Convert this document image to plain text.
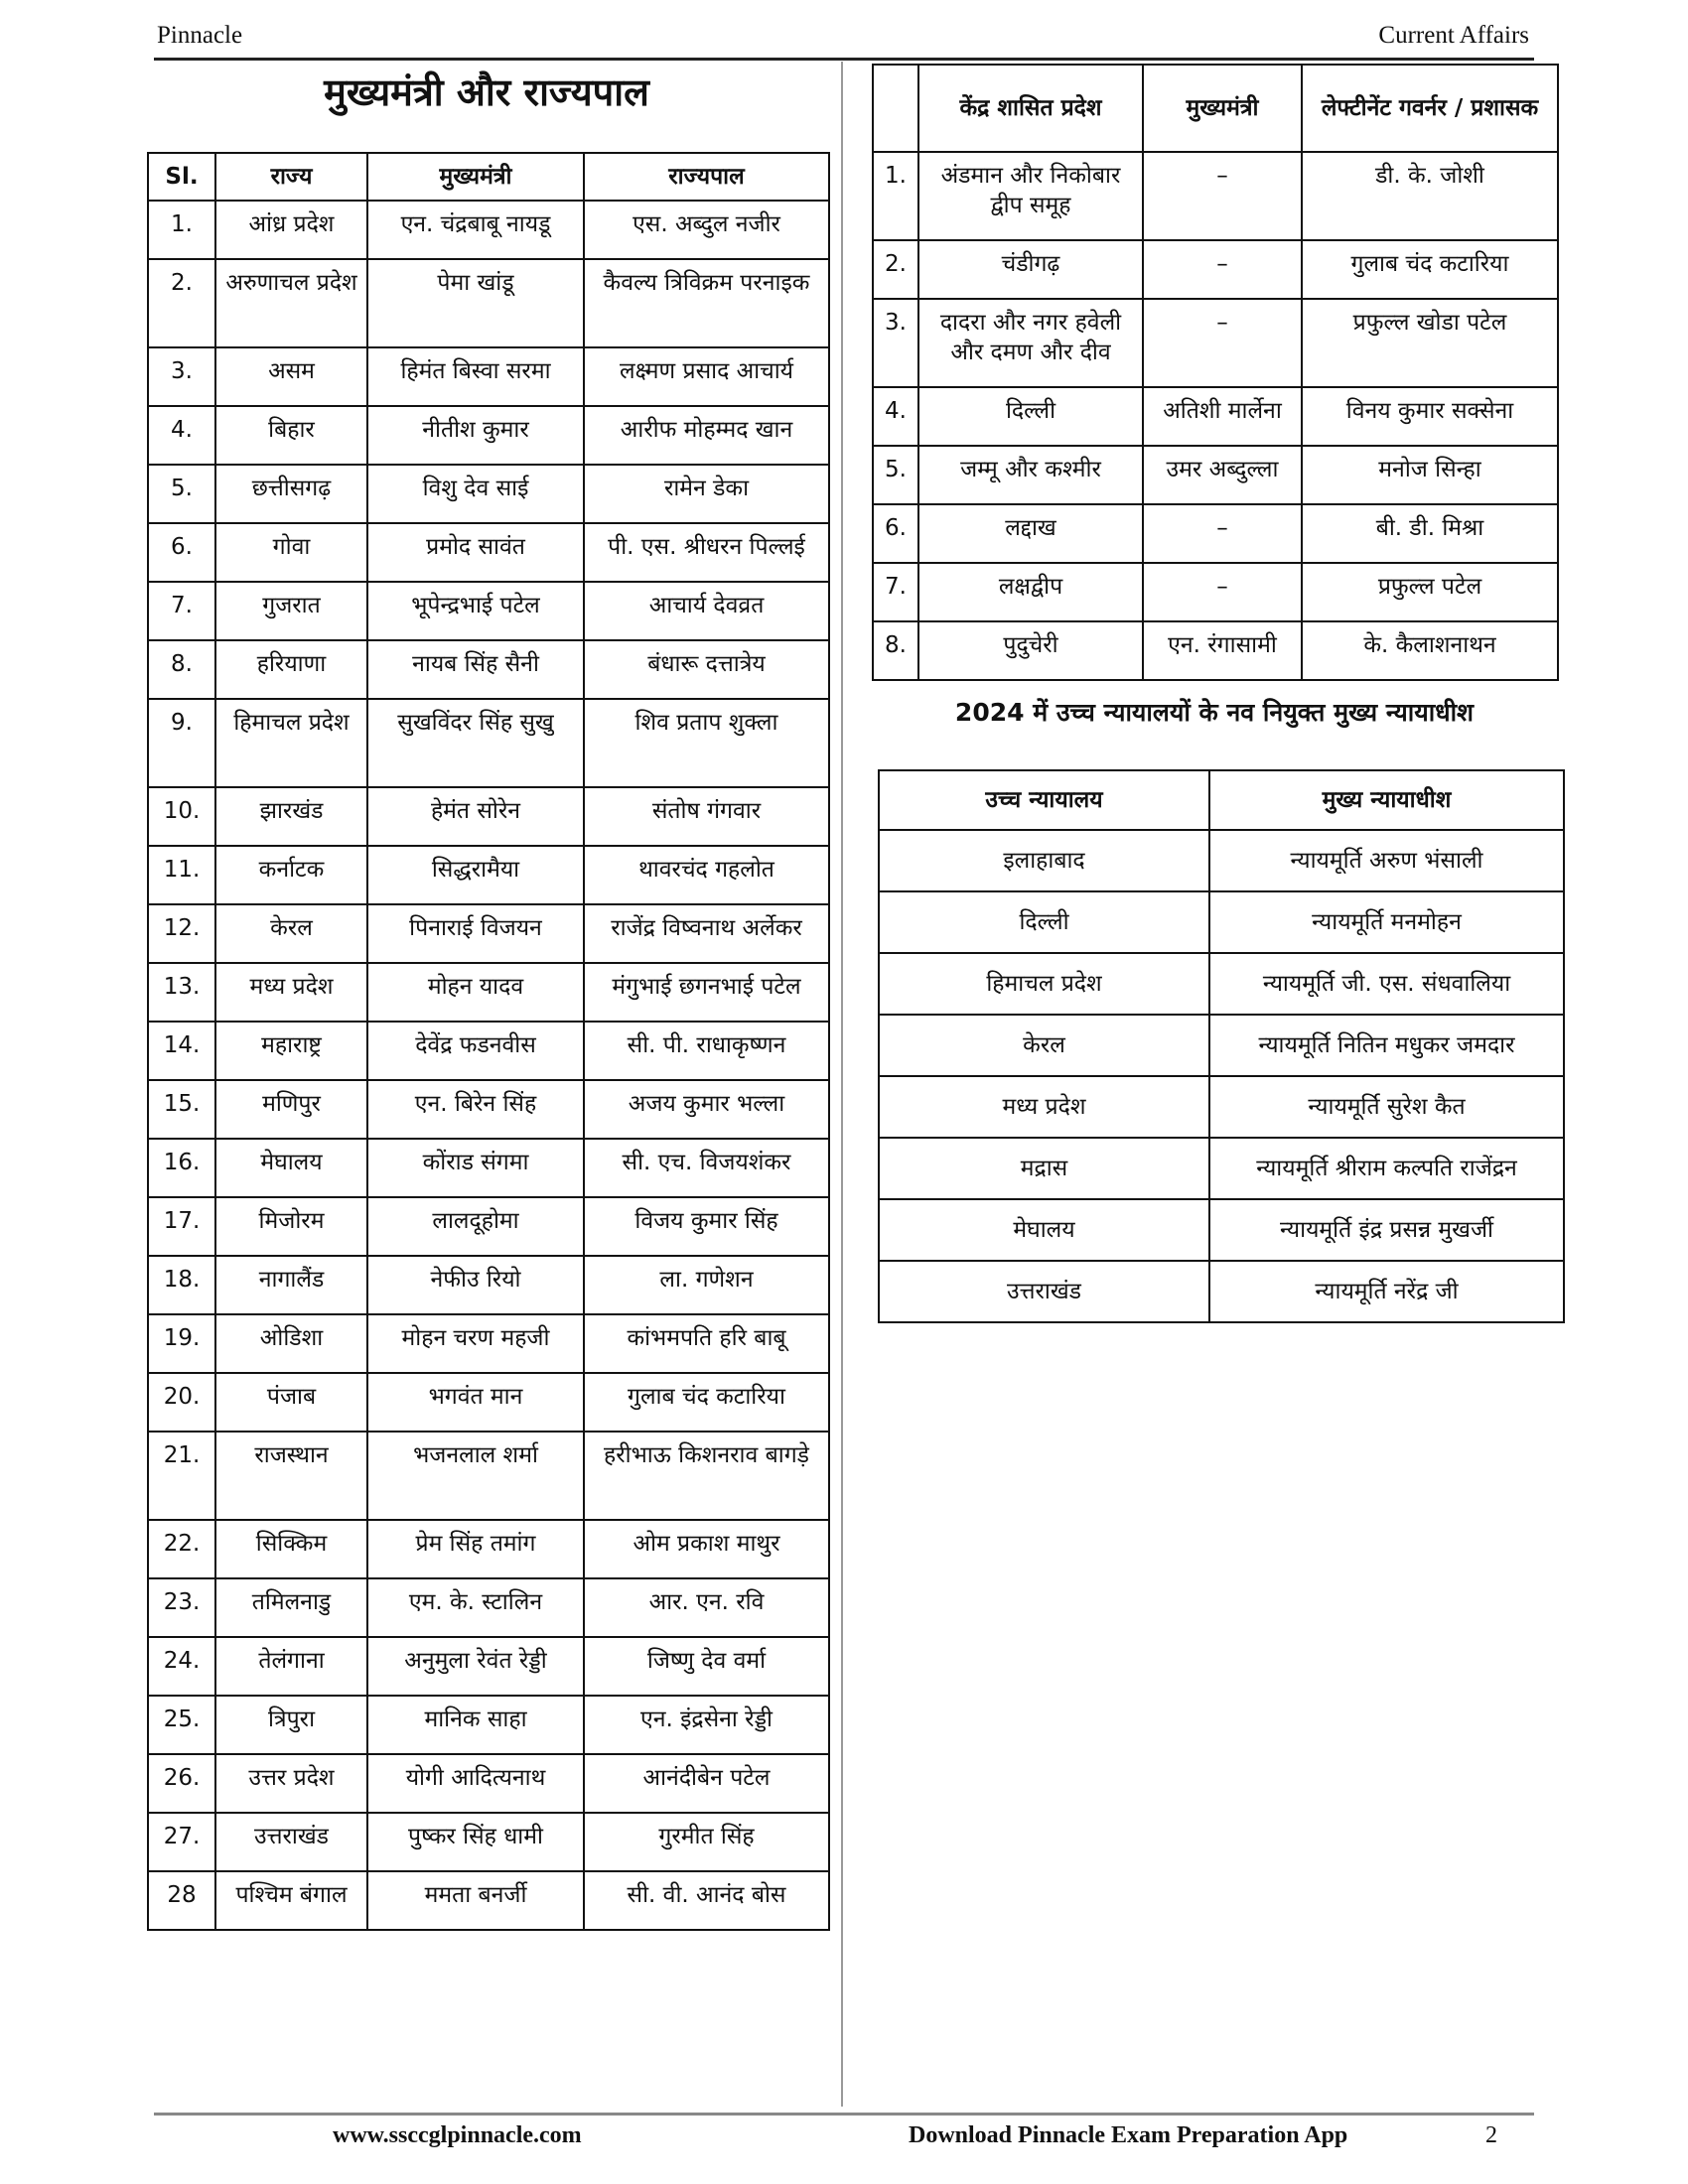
Pinnacle	Current Affairs
मुख्यमंत्री और राज्यपाल
Sl.	राज्य	मुख्यमंत्री	राज्यपाल
1.	आंध्र प्रदेश	एन. चंद्रबाबू नायडू	एस. अब्दुल नजीर
2.	अरुणाचल प्रदेश	पेमा खांडू	कैवल्य त्रिविक्रम परनाइक
3.	असम	हिमंत बिस्वा सरमा	लक्ष्मण प्रसाद आचार्य
4.	बिहार	नीतीश कुमार	आरीफ मोहम्मद खान
5.	छत्तीसगढ़	विशु देव साई	रामेन डेका
6.	गोवा	प्रमोद सावंत	पी. एस. श्रीधरन पिल्लई
7.	गुजरात	भूपेन्द्रभाई पटेल	आचार्य देवव्रत
8.	हरियाणा	नायब सिंह सैनी	बंधारू दत्तात्रेय
9.	हिमाचल प्रदेश	सुखविंदर सिंह सुखु	शिव प्रताप शुक्ला
10.	झारखंड	हेमंत सोरेन	संतोष गंगवार
11.	कर्नाटक	सिद्धरामैया	थावरचंद गहलोत
12.	केरल	पिनाराई विजयन	राजेंद्र विष्वनाथ अर्लेकर
13.	मध्य प्रदेश	मोहन यादव	मंगुभाई छगनभाई पटेल
14.	महाराष्ट्र	देवेंद्र फडनवीस	सी. पी. राधाकृष्णन
15.	मणिपुर	एन. बिरेन सिंह	अजय कुमार भल्ला
16.	मेघालय	कोंराड संगमा	सी. एच. विजयशंकर
17.	मिजोरम	लालदूहोमा	विजय कुमार सिंह
18.	नागालैंड	नेफीउ रियो	ला. गणेशन
19.	ओडिशा	मोहन चरण महजी	कांभमपति हरि बाबू
20.	पंजाब	भगवंत मान	गुलाब चंद कटारिया
21.	राजस्थान	भजनलाल शर्मा	हरीभाऊ किशनराव बागड़े
22.	सिक्किम	प्रेम सिंह तमांग	ओम प्रकाश माथुर
23.	तमिलनाडु	एम. के. स्टालिन	आर. एन. रवि
24.	तेलंगाना	अनुमुला रेवंत रेड्डी	जिष्णु देव वर्मा
25.	त्रिपुरा	मानिक साहा	एन. इंद्रसेना रेड्डी
26.	उत्तर प्रदेश	योगी आदित्यनाथ	आनंदीबेन पटेल
27.	उत्तराखंड	पुष्कर सिंह धामी	गुरमीत सिंह
28	पश्चिम बंगाल	ममता बनर्जी	सी. वी. आनंद बोस
	केंद्र शासित प्रदेश	मुख्यमंत्री	लेफ्टीनेंट गवर्नर / प्रशासक
1.	अंडमान और निकोबार द्वीप समूह	–	डी. के. जोशी
2.	चंडीगढ़	–	गुलाब चंद कटारिया
3.	दादरा और नगर हवेली और दमण और दीव	–	प्रफुल्ल खोडा पटेल
4.	दिल्ली	अतिशी मार्लेना	विनय कुमार सक्सेना
5.	जम्मू और कश्मीर	उमर अब्दुल्ला	मनोज सिन्हा
6.	लद्दाख	–	बी. डी. मिश्रा
7.	लक्षद्वीप	–	प्रफुल्ल पटेल
8.	पुदुचेरी	एन. रंगासामी	के. कैलाशनाथन
2024 में उच्च न्यायालयों के नव नियुक्त मुख्य न्यायाधीश
उच्च न्यायालय	मुख्य न्यायाधीश
इलाहाबाद	न्यायमूर्ति अरुण भंसाली
दिल्ली	न्यायमूर्ति मनमोहन
हिमाचल प्रदेश	न्यायमूर्ति जी. एस. संधवालिया
केरल	न्यायमूर्ति नितिन मधुकर जमदार
मध्य प्रदेश	न्यायमूर्ति सुरेश कैत
मद्रास	न्यायमूर्ति श्रीराम कल्पति राजेंद्रन
मेघालय	न्यायमूर्ति इंद्र प्रसन्न मुखर्जी
उत्तराखंड	न्यायमूर्ति नरेंद्र जी
www.ssccglpinnacle.com	Download Pinnacle Exam Preparation App	2
